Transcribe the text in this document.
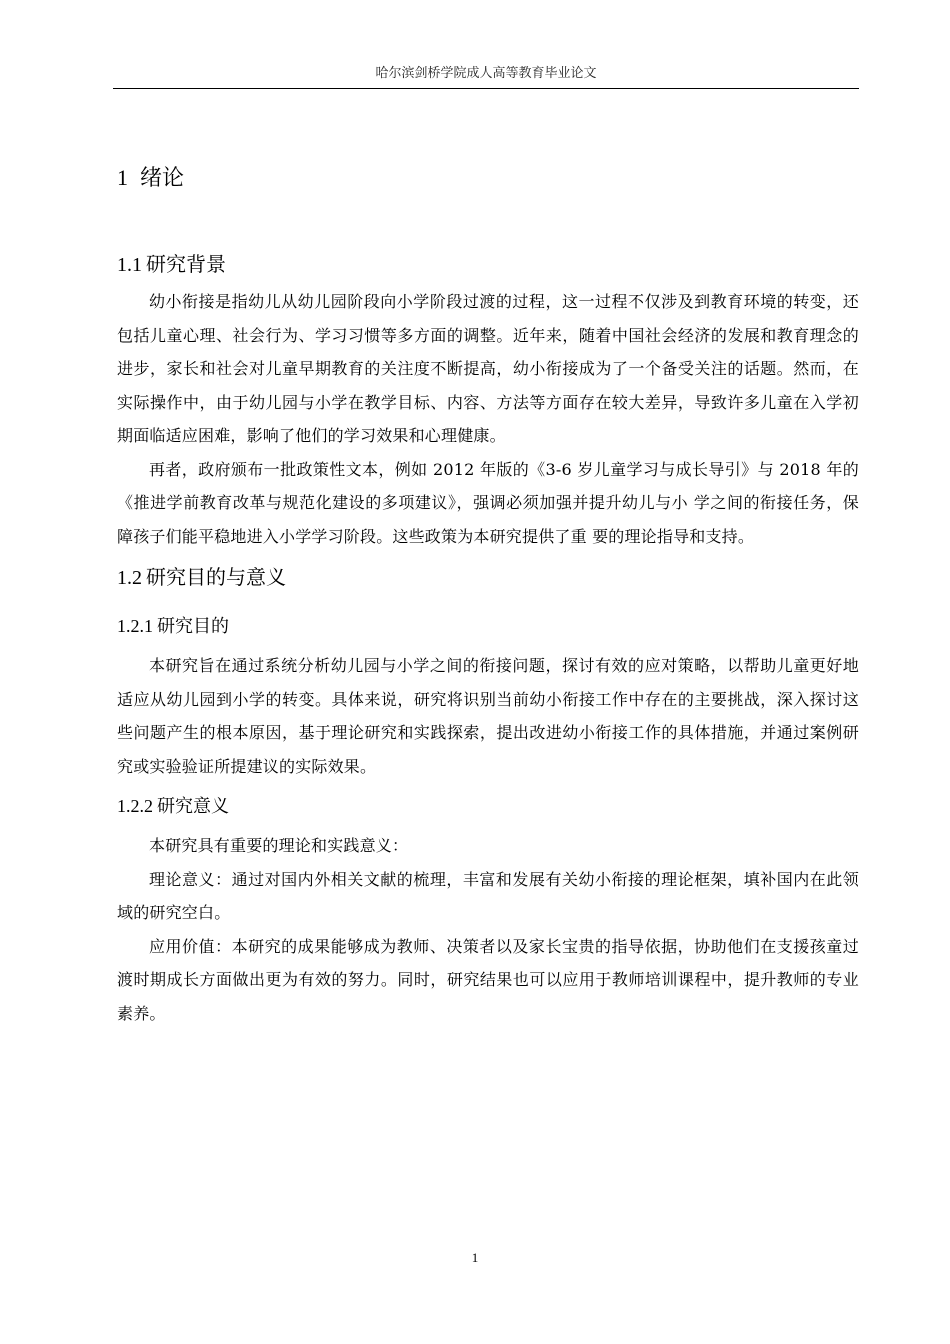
哈尔滨剑桥学院成人高等教育毕业论文
1 绪论
1.1 研究背景

幼小衔接是指幼儿从幼儿园阶段向小学阶段过渡的过程，这一过程不仅涉及到教育环境的转变，还包括儿童心理、社会行为、学习习惯等多方面的调整。近年来，随着中国社会经济的发展和教育理念的进步，家长和社会对儿童早期教育的关注度不断提高，幼小衔接成为了一个备受关注的话题。然而，在实际操作中，由于幼儿园与小学在教学目标、内容、方法等方面存在较大差异，导致许多儿童在入学初期面临适应困难，影响了他们的学习效果和心理健康。

再者，政府颁布一批政策性文本，例如 2012 年版的《3-6 岁儿童学习与成长导引》与 2018 年的《推进学前教育改革与规范化建设的多项建议》，强调必须加强并提升幼儿与小 学之间的衔接任务，保障孩子们能平稳地进入小学学习阶段。这些政策为本研究提供了重 要的理论指导和支持。

1.2 研究目的与意义
1.2.1 研究目的

本研究旨在通过系统分析幼儿园与小学之间的衔接问题，探讨有效的应对策略，以帮助儿童更好地适应从幼儿园到小学的转变。具体来说，研究将识别当前幼小衔接工作中存在的主要挑战，深入探讨这些问题产生的根本原因，基于理论研究和实践探索，提出改进幼小衔接工作的具体措施，并通过案例研究或实验验证所提建议的实际效果。

1.2.2 研究意义

本研究具有重要的理论和实践意义：

理论意义：通过对国内外相关文献的梳理，丰富和发展有关幼小衔接的理论框架，填补国内在此领域的研究空白。

应用价值：本研究的成果能够成为教师、决策者以及家长宝贵的指导依据，协助他们在支援孩童过渡时期成长方面做出更为有效的努力。同时，研究结果也可以应用于教师培训课程中，提升教师的专业素养。

1
